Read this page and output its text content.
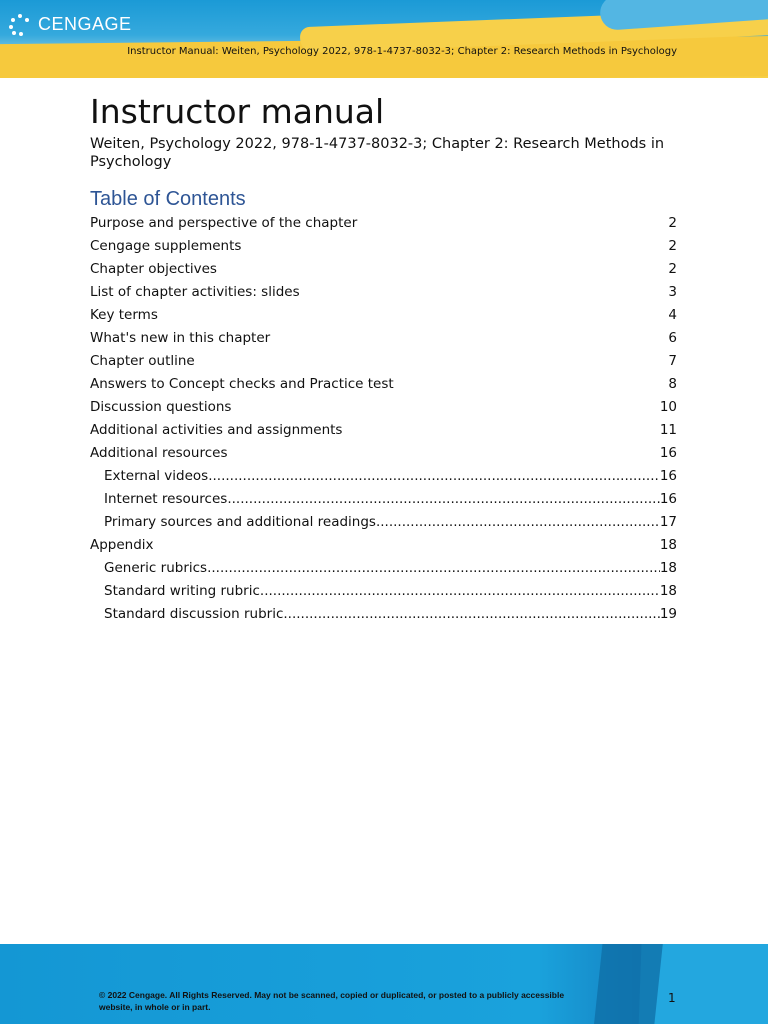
CENGAGE
Instructor Manual: Weiten, Psychology 2022, 978-1-4737-8032-3; Chapter 2: Research Methods in Psychology
Instructor manual

Weiten, Psychology 2022, 978-1-4737-8032-3; Chapter 2: Research Methods in Psychology

Table of Contents
Purpose and perspective of the chapter	2
Cengage supplements	2
Chapter objectives	2
List of chapter activities: slides	3
Key terms	4
What's new in this chapter	6
Chapter outline	7
Answers to Concept checks and Practice test	8
Discussion questions	10
Additional activities and assignments	11
Additional resources	16
External videos .....	16
Internet resources .....	16
Primary sources and additional readings .....	17
Appendix	18
Generic rubrics .....	18
Standard writing rubric .....	18
Standard discussion rubric .....	19
© 2022 Cengage. All Rights Reserved. May not be scanned, copied or duplicated, or posted to a publicly accessible website, in whole or in part.
1
